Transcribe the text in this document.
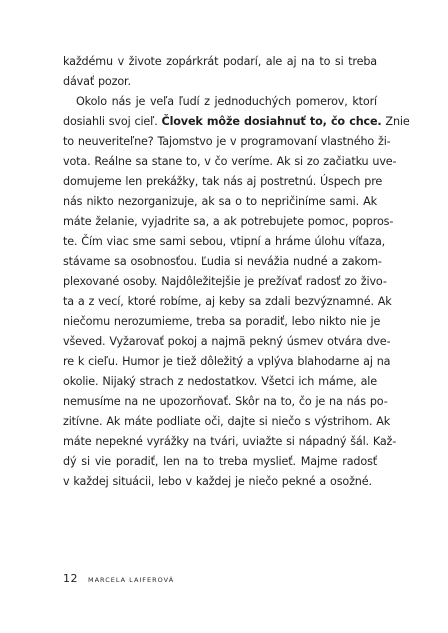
každému v živote zopárkrát podarí, ale aj na to si treba
dávať pozor.
Okolo nás je veľa ľudí z jednoduchých pomerov, ktorí
dosiahli svoj cieľ. Človek môže dosiahnuť to, čo chce. Znie
to neuveriteľne? Tajomstvo je v programovaní vlastného ži-
vota. Reálne sa stane to, v čo veríme. Ak si zo začiatku uve-
domujeme len prekážky, tak nás aj postretnú. Úspech pre
nás nikto nezorganizuje, ak sa o to nepričiníme sami. Ak
máte želanie, vyjadrite sa, a ak potrebujete pomoc, popros-
te. Čím viac sme sami sebou, vtipní a hráme úlohu víťaza,
stávame sa osobnosťou. Ľudia si nevážia nudné a zakom-
plexované osoby. Najdôležitejšie je prežívať radosť zo živo-
ta a z vecí, ktoré robíme, aj keby sa zdali bezvýznamné. Ak
niečomu nerozumieme, treba sa poradiť, lebo nikto nie je
vševed. Vyžarovať pokoj a najmä pekný úsmev otvára dve-
re k cieľu. Humor je tiež dôležitý a vplýva blahodarne aj na
okolie. Nijaký strach z nedostatkov. Všetci ich máme, ale
nemusíme na ne upozorňovať. Skôr na to, čo je na nás po-
zitívne. Ak máte podliate oči, dajte si niečo s výstrihom. Ak
máte nepekné vyrážky na tvári, uviažte si nápadný šál. Kaž-
dý si vie poradiť, len na to treba myslieť. Majme radosť
v každej situácii, lebo v každej je niečo pekné a osožné.
12 MARCELA LAIFEROVÁ
